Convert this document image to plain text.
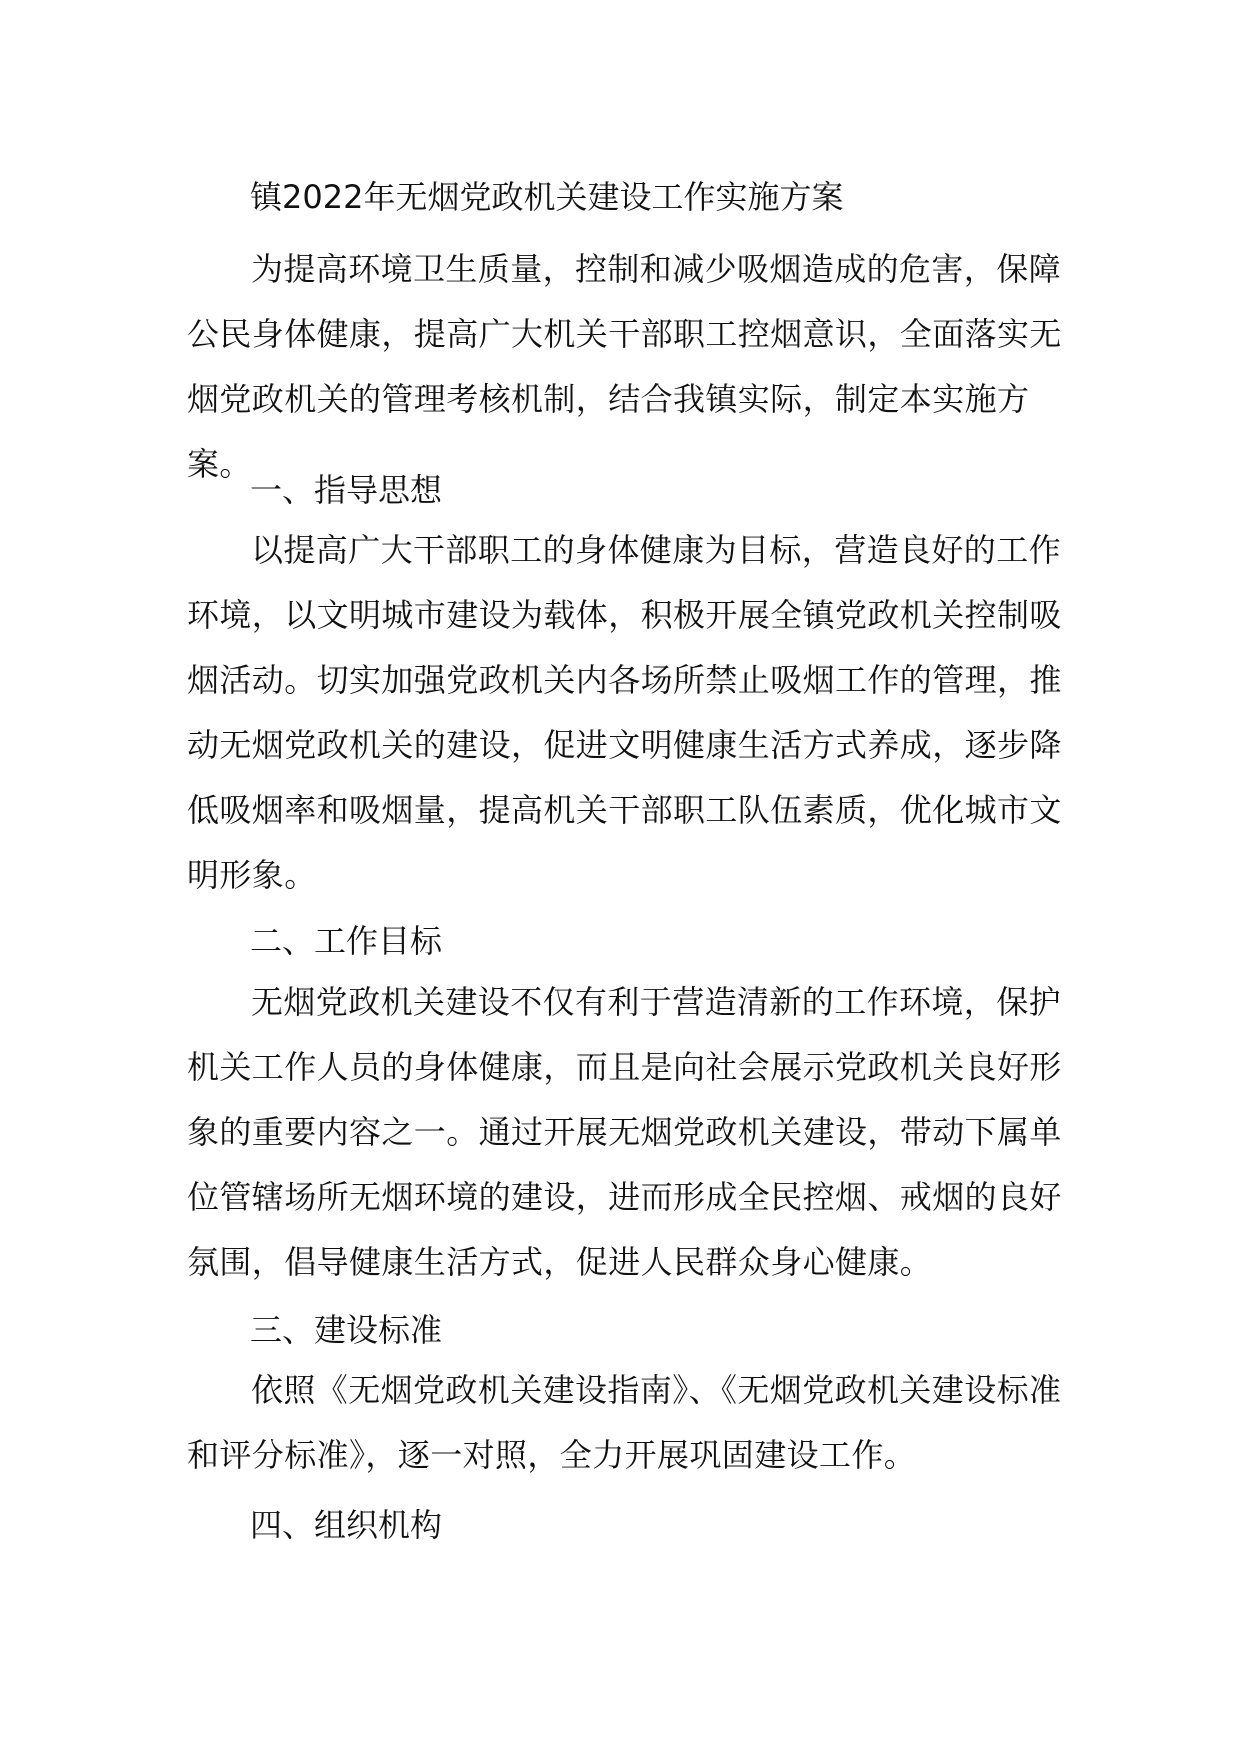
镇2022年无烟党政机关建设工作实施方案
为提高环境卫生质量，控制和减少吸烟造成的危害，保障公民身体健康，提高广大机关干部职工控烟意识，全面落实无烟党政机关的管理考核机制，结合我镇实际，制定本实施方案。
一、指导思想
以提高广大干部职工的身体健康为目标，营造良好的工作环境，以文明城市建设为载体，积极开展全镇党政机关控制吸烟活动。切实加强党政机关内各场所禁止吸烟工作的管理，推动无烟党政机关的建设，促进文明健康生活方式养成，逐步降低吸烟率和吸烟量，提高机关干部职工队伍素质，优化城市文明形象。
二、工作目标
无烟党政机关建设不仅有利于营造清新的工作环境，保护机关工作人员的身体健康，而且是向社会展示党政机关良好形象的重要内容之一。通过开展无烟党政机关建设，带动下属单位管辖场所无烟环境的建设，进而形成全民控烟、戒烟的良好氛围，倡导健康生活方式，促进人民群众身心健康。
三、建设标准
依照《无烟党政机关建设指南》、《无烟党政机关建设标准和评分标准》，逐一对照，全力开展巩固建设工作。
四、组织机构
